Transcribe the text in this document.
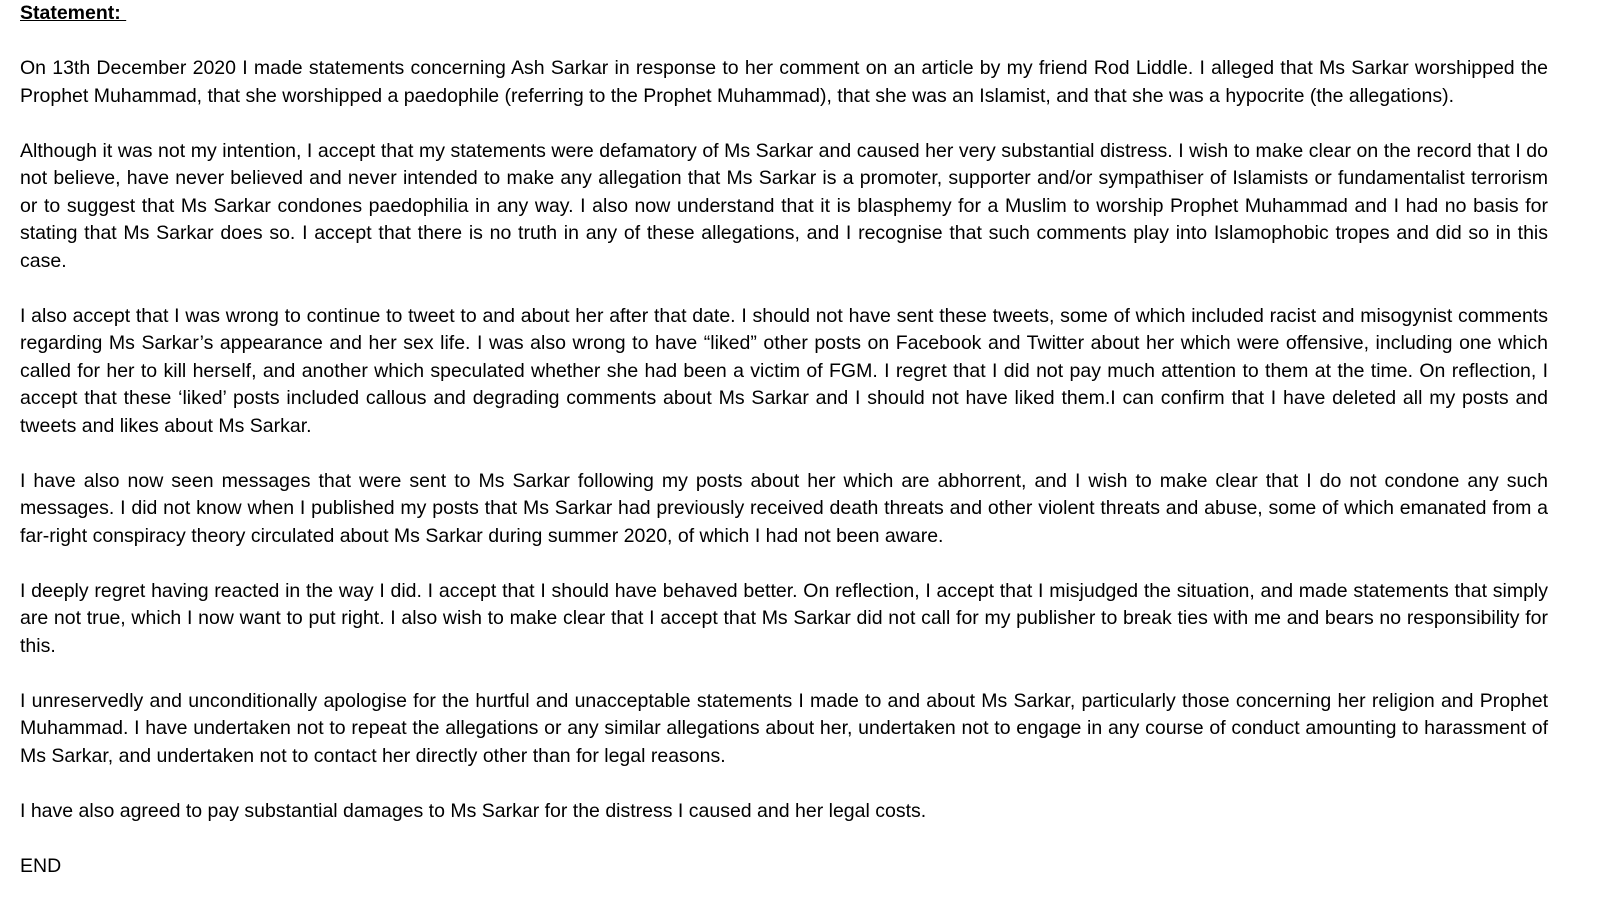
Statement:

On 13th December 2020 I made statements concerning Ash Sarkar in response to her comment on an article by my friend Rod Liddle. I alleged that Ms Sarkar worshipped the Prophet Muhammad, that she worshipped a paedophile (referring to the Prophet Muhammad), that she was an Islamist, and that she was a hypocrite (the allegations).

Although it was not my intention, I accept that my statements were defamatory of Ms Sarkar and caused her very substantial distress. I wish to make clear on the record that I do not believe, have never believed and never intended to make any allegation that Ms Sarkar is a promoter, supporter and/or sympathiser of Islamists or fundamentalist terrorism or to suggest that Ms Sarkar condones paedophilia in any way. I also now understand that it is blasphemy for a Muslim to worship Prophet Muhammad and I had no basis for stating that Ms Sarkar does so. I accept that there is no truth in any of these allegations, and I recognise that such comments play into Islamophobic tropes and did so in this case.

I also accept that I was wrong to continue to tweet to and about her after that date. I should not have sent these tweets, some of which included racist and misogynist comments regarding Ms Sarkar’s appearance and her sex life. I was also wrong to have “liked” other posts on Facebook and Twitter about her which were offensive, including one which called for her to kill herself, and another which speculated whether she had been a victim of FGM. I regret that I did not pay much attention to them at the time. On reflection, I accept that these ‘liked’ posts included callous and degrading comments about Ms Sarkar and I should not have liked them.I can confirm that I have deleted all my posts and tweets and likes about Ms Sarkar.

I have also now seen messages that were sent to Ms Sarkar following my posts about her which are abhorrent, and I wish to make clear that I do not condone any such messages. I did not know when I published my posts that Ms Sarkar had previously received death threats and other violent threats and abuse, some of which emanated from a far-right conspiracy theory circulated about Ms Sarkar during summer 2020, of which I had not been aware.

I deeply regret having reacted in the way I did. I accept that I should have behaved better. On reflection, I accept that I misjudged the situation, and made statements that simply are not true, which I now want to put right. I also wish to make clear that I accept that Ms Sarkar did not call for my publisher to break ties with me and bears no responsibility for this.

I unreservedly and unconditionally apologise for the hurtful and unacceptable statements I made to and about Ms Sarkar, particularly those concerning her religion and Prophet Muhammad. I have undertaken not to repeat the allegations or any similar allegations about her, undertaken not to engage in any course of conduct amounting to harassment of Ms Sarkar, and undertaken not to contact her directly other than for legal reasons.

I have also agreed to pay substantial damages to Ms Sarkar for the distress I caused and her legal costs.

END
